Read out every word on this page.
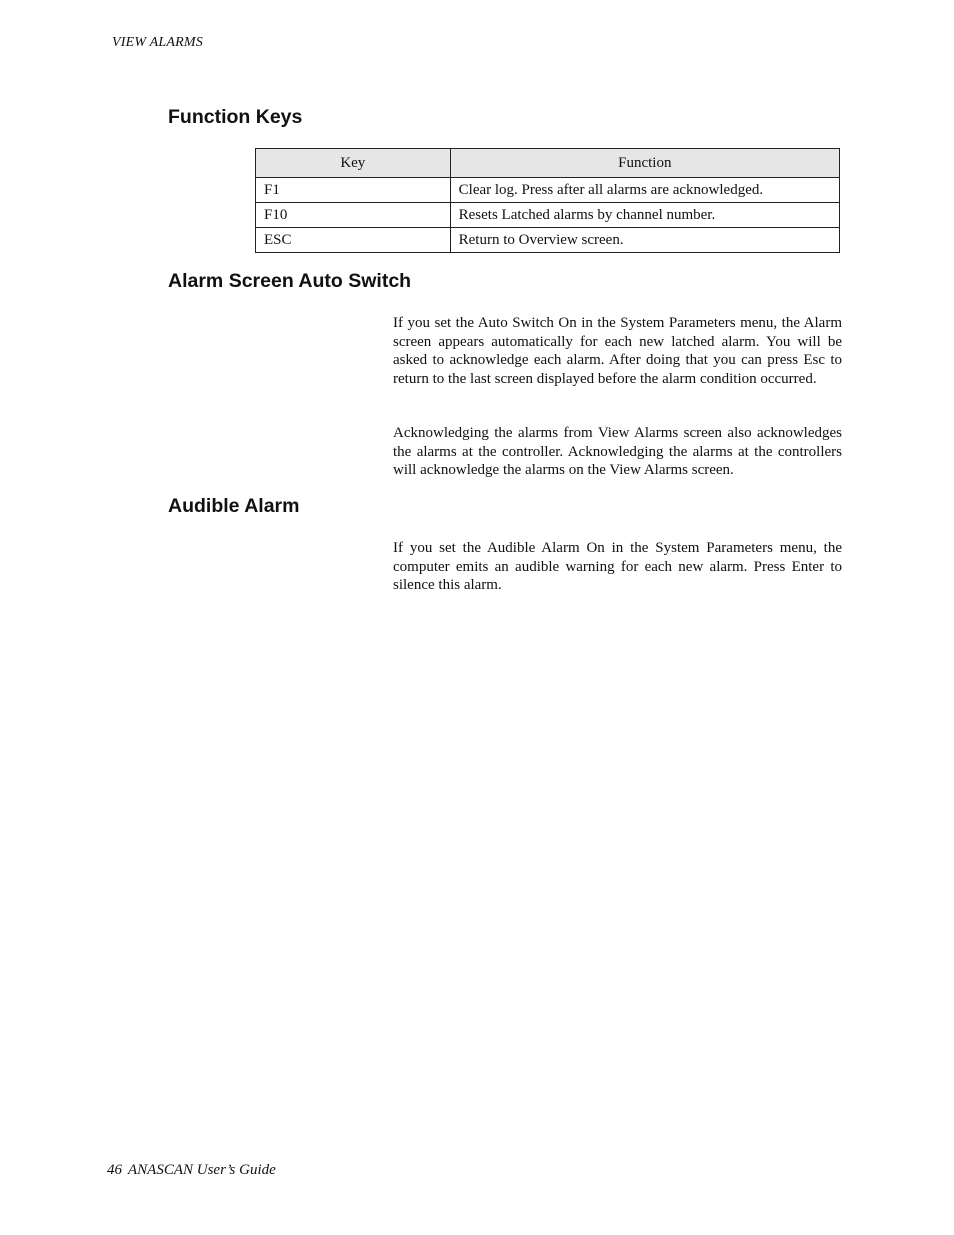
VIEW ALARMS
Function Keys
Key	Function
F1	Clear log. Press after all alarms are acknowledged.
F10	Resets Latched alarms by channel number.
ESC	Return to Overview screen.
Alarm Screen Auto Switch

If you set the Auto Switch On in the System Parameters menu, the Alarm screen appears automatically for each new latched alarm. You will be asked to acknowledge each alarm. After doing that you can press Esc to return to the last screen displayed before the alarm condition occurred.

Acknowledging the alarms from View Alarms screen also acknowledges the alarms at the controller. Acknowledging the alarms at the controllers will acknowledge the alarms on the View Alarms screen.

Audible Alarm

If you set the Audible Alarm On in the System Parameters menu, the computer emits an audible warning for each new alarm. Press Enter to silence this alarm.

46 ANASCAN User’s Guide
